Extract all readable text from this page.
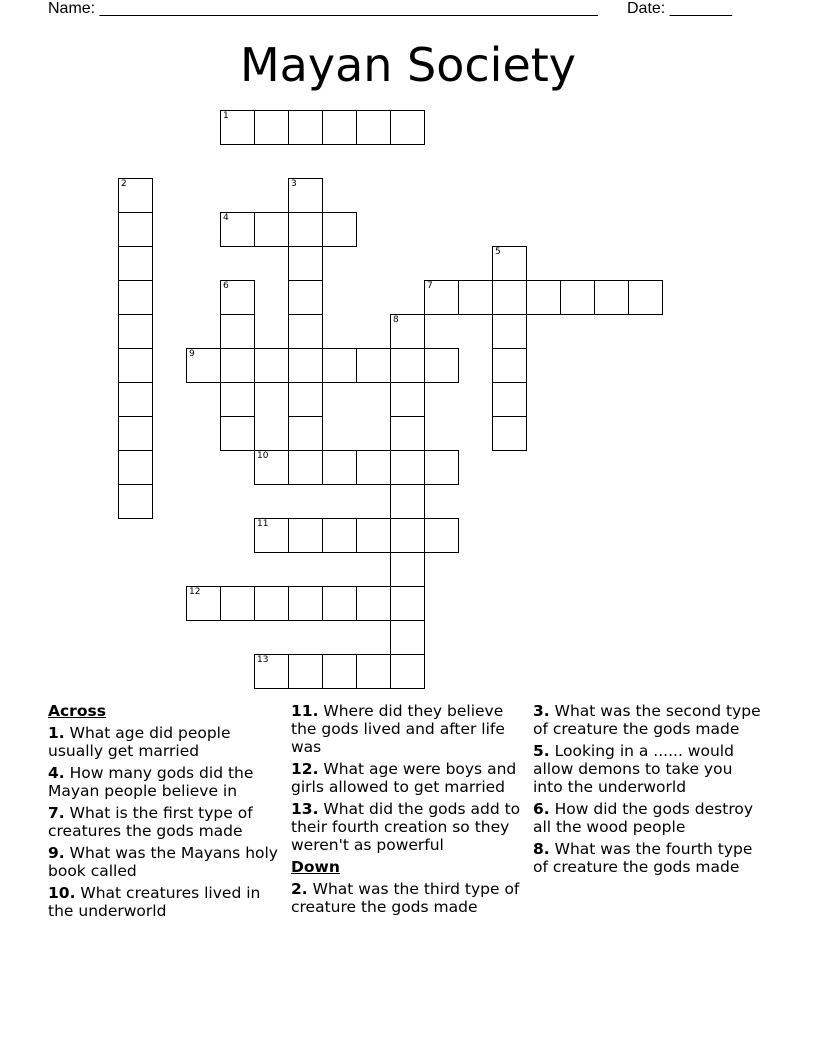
Name: ________________________________________________________ Date: _______
Mayan Society
1
2	3
4
5
6	7
8
9
10
11
12
13
Across
1. What age did people usually get married
4. How many gods did the Mayan people believe in
7. What is the first type of creatures the gods made
9. What was the Mayans holy book called
10. What creatures lived in the underworld
11. Where did they believe the gods lived and after life was
12. What age were boys and girls allowed to get married
13. What did the gods add to their fourth creation so they weren't as powerful
Down
2. What was the third type of creature the gods made
3. What was the second type of creature the gods made
5. Looking in a ...... would allow demons to take you into the underworld
6. How did the gods destroy all the wood people
8. What was the fourth type of creature the gods made
